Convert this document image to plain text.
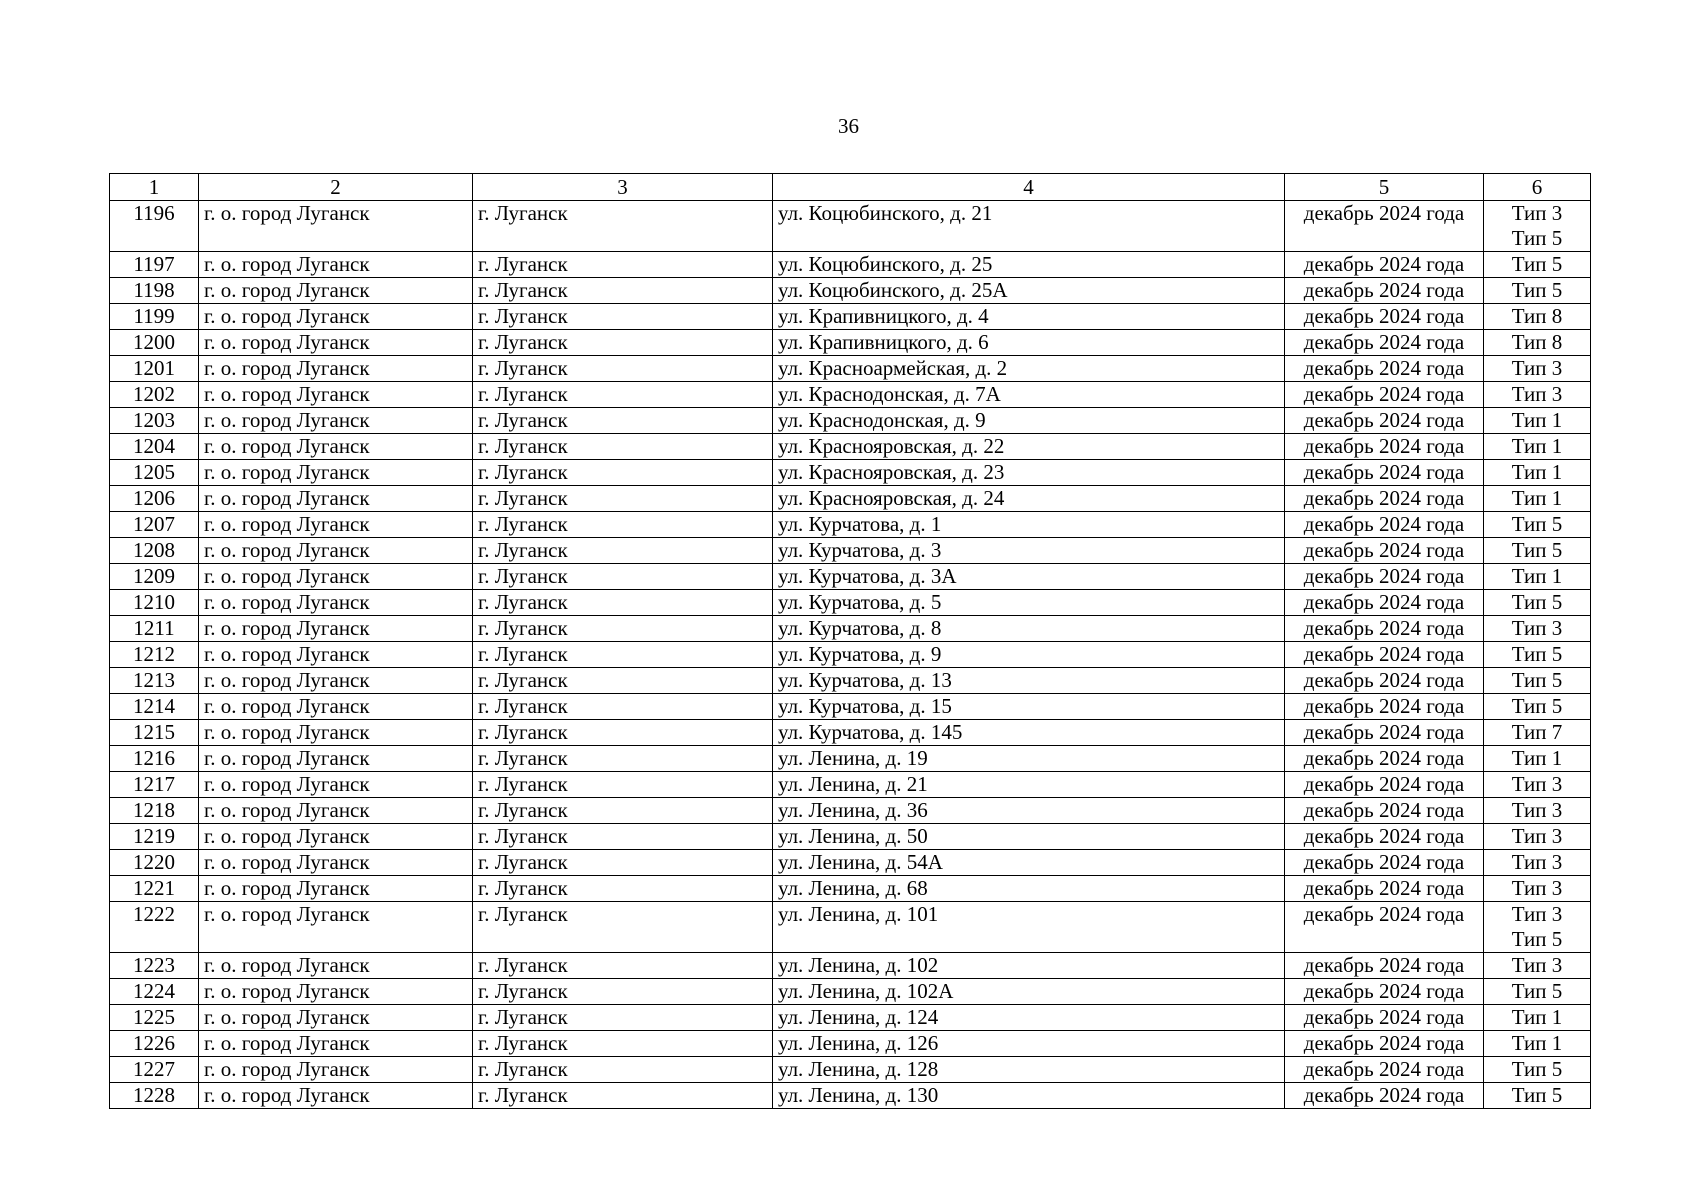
36
1	2	3	4	5	6
1196	г. о. город Луганск	г. Луганск	ул. Коцюбинского, д. 21	декабрь 2024 года	Тип 3
Тип 5

1197	г. о. город Луганск	г. Луганск	ул. Коцюбинского, д. 25	декабрь 2024 года	Тип 5

1198	г. о. город Луганск	г. Луганск	ул. Коцюбинского, д. 25А	декабрь 2024 года	Тип 5

1199	г. о. город Луганск	г. Луганск	ул. Крапивницкого, д. 4	декабрь 2024 года	Тип 8

1200	г. о. город Луганск	г. Луганск	ул. Крапивницкого, д. 6	декабрь 2024 года	Тип 8

1201	г. о. город Луганск	г. Луганск	ул. Красноармейская, д. 2	декабрь 2024 года	Тип 3

1202	г. о. город Луганск	г. Луганск	ул. Краснодонская, д. 7А	декабрь 2024 года	Тип 3

1203	г. о. город Луганск	г. Луганск	ул. Краснодонская, д. 9	декабрь 2024 года	Тип 1

1204	г. о. город Луганск	г. Луганск	ул. Краснояровская, д. 22	декабрь 2024 года	Тип 1

1205	г. о. город Луганск	г. Луганск	ул. Краснояровская, д. 23	декабрь 2024 года	Тип 1

1206	г. о. город Луганск	г. Луганск	ул. Краснояровская, д. 24	декабрь 2024 года	Тип 1

1207	г. о. город Луганск	г. Луганск	ул. Курчатова, д. 1	декабрь 2024 года	Тип 5

1208	г. о. город Луганск	г. Луганск	ул. Курчатова, д. 3	декабрь 2024 года	Тип 5

1209	г. о. город Луганск	г. Луганск	ул. Курчатова, д. 3А	декабрь 2024 года	Тип 1

1210	г. о. город Луганск	г. Луганск	ул. Курчатова, д. 5	декабрь 2024 года	Тип 5

1211	г. о. город Луганск	г. Луганск	ул. Курчатова, д. 8	декабрь 2024 года	Тип 3

1212	г. о. город Луганск	г. Луганск	ул. Курчатова, д. 9	декабрь 2024 года	Тип 5

1213	г. о. город Луганск	г. Луганск	ул. Курчатова, д. 13	декабрь 2024 года	Тип 5

1214	г. о. город Луганск	г. Луганск	ул. Курчатова, д. 15	декабрь 2024 года	Тип 5

1215	г. о. город Луганск	г. Луганск	ул. Курчатова, д. 145	декабрь 2024 года	Тип 7

1216	г. о. город Луганск	г. Луганск	ул. Ленина, д. 19	декабрь 2024 года	Тип 1

1217	г. о. город Луганск	г. Луганск	ул. Ленина, д. 21	декабрь 2024 года	Тип 3

1218	г. о. город Луганск	г. Луганск	ул. Ленина, д. 36	декабрь 2024 года	Тип 3

1219	г. о. город Луганск	г. Луганск	ул. Ленина, д. 50	декабрь 2024 года	Тип 3

1220	г. о. город Луганск	г. Луганск	ул. Ленина, д. 54А	декабрь 2024 года	Тип 3

1221	г. о. город Луганск	г. Луганск	ул. Ленина, д. 68	декабрь 2024 года	Тип 3

1222	г. о. город Луганск	г. Луганск	ул. Ленина, д. 101	декабрь 2024 года	Тип 3
Тип 5

1223	г. о. город Луганск	г. Луганск	ул. Ленина, д. 102	декабрь 2024 года	Тип 3

1224	г. о. город Луганск	г. Луганск	ул. Ленина, д. 102А	декабрь 2024 года	Тип 5

1225	г. о. город Луганск	г. Луганск	ул. Ленина, д. 124	декабрь 2024 года	Тип 1

1226	г. о. город Луганск	г. Луганск	ул. Ленина, д. 126	декабрь 2024 года	Тип 1

1227	г. о. город Луганск	г. Луганск	ул. Ленина, д. 128	декабрь 2024 года	Тип 5

1228	г. о. город Луганск	г. Луганск	ул. Ленина, д. 130	декабрь 2024 года	Тип 5
